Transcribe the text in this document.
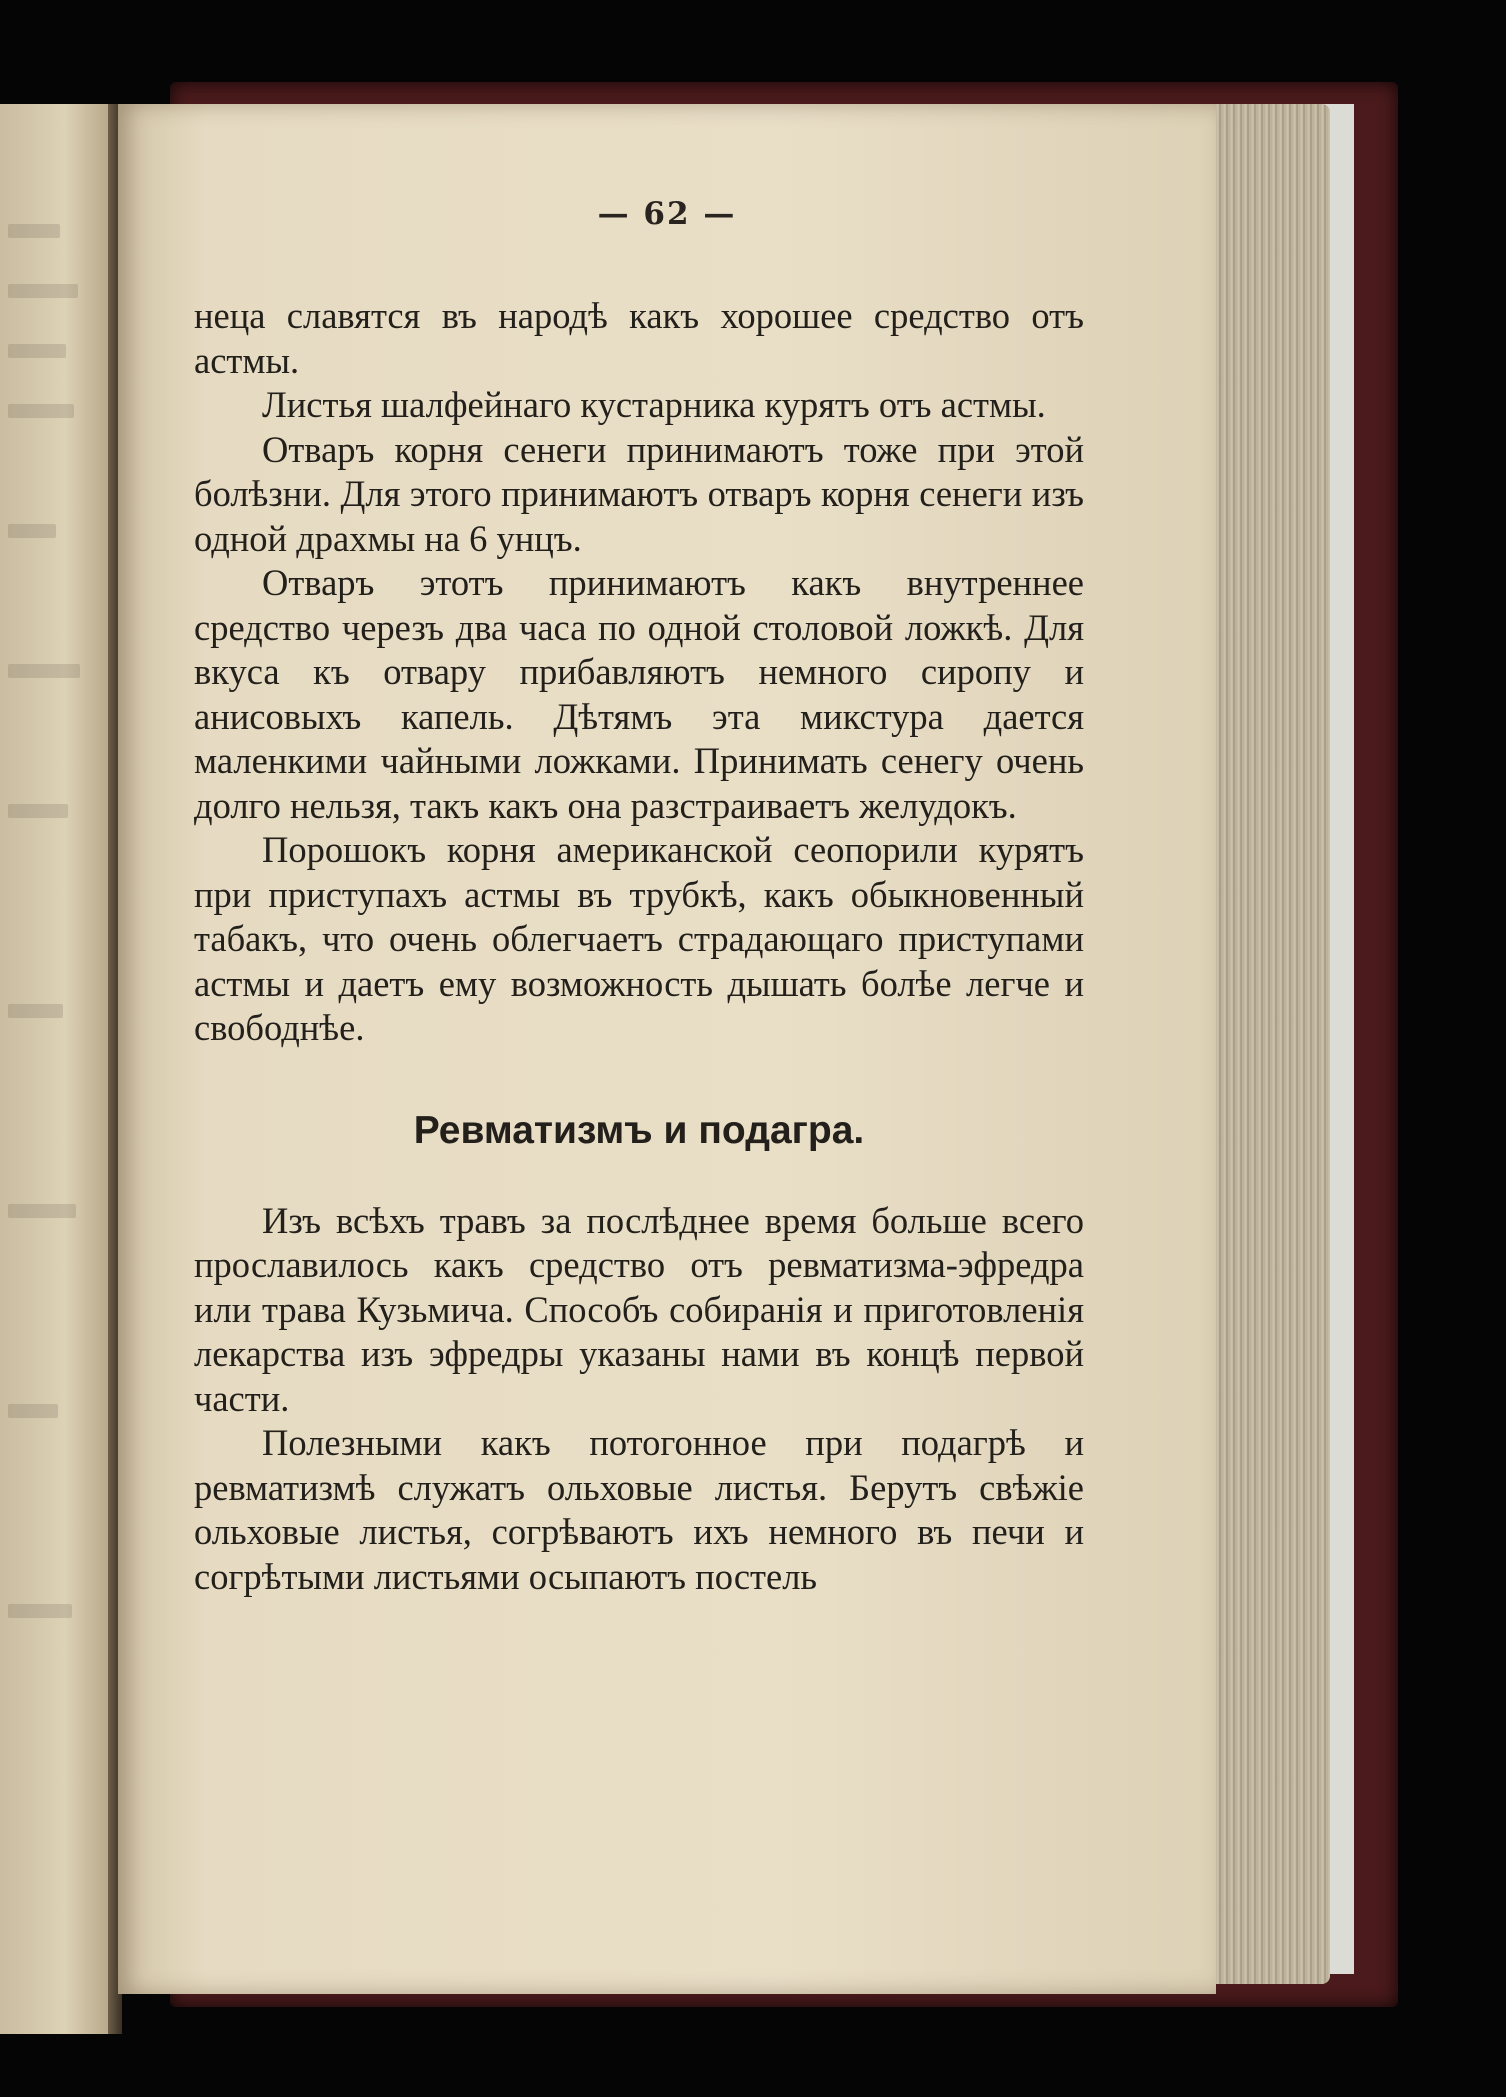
— 62 —

неца славятся въ народѣ какъ хорошее средство отъ астмы.

Листья шалфейнаго кустарника курятъ отъ астмы.

Отваръ корня сенеги принимаютъ тоже при этой болѣзни. Для этого принимаютъ отваръ корня сенеги изъ одной драхмы на 6 унцъ.

Отваръ этотъ принимаютъ какъ внутреннее средство черезъ два часа по одной столовой ложкѣ. Для вкуса къ отвару прибавляютъ немного сиропу и анисовыхъ капель. Дѣтямъ эта микстура дается маленкими чайными ложками. Принимать сенегу очень долго нельзя, такъ какъ она разстраиваетъ желудокъ.

Порошокъ корня американской сеопорили курятъ при приступахъ астмы въ трубкѣ, какъ обыкновенный табакъ, что очень облегчаетъ страдающаго приступами астмы и даетъ ему возможность дышать болѣе легче и свободнѣе.

Ревматизмъ и подагра.

Изъ всѣхъ травъ за послѣднее время больше всего прославилось какъ средство отъ ревматизма-эфредра или трава Кузьмича. Способъ собиранія и приготовленія лекарства изъ эфредры указаны нами въ концѣ первой части.

Полезными какъ потогонное при подагрѣ и ревматизмѣ служатъ ольховые листья. Берутъ свѣжіе ольховые листья, согрѣваютъ ихъ немного въ печи и согрѣтыми листьями осыпаютъ постель
